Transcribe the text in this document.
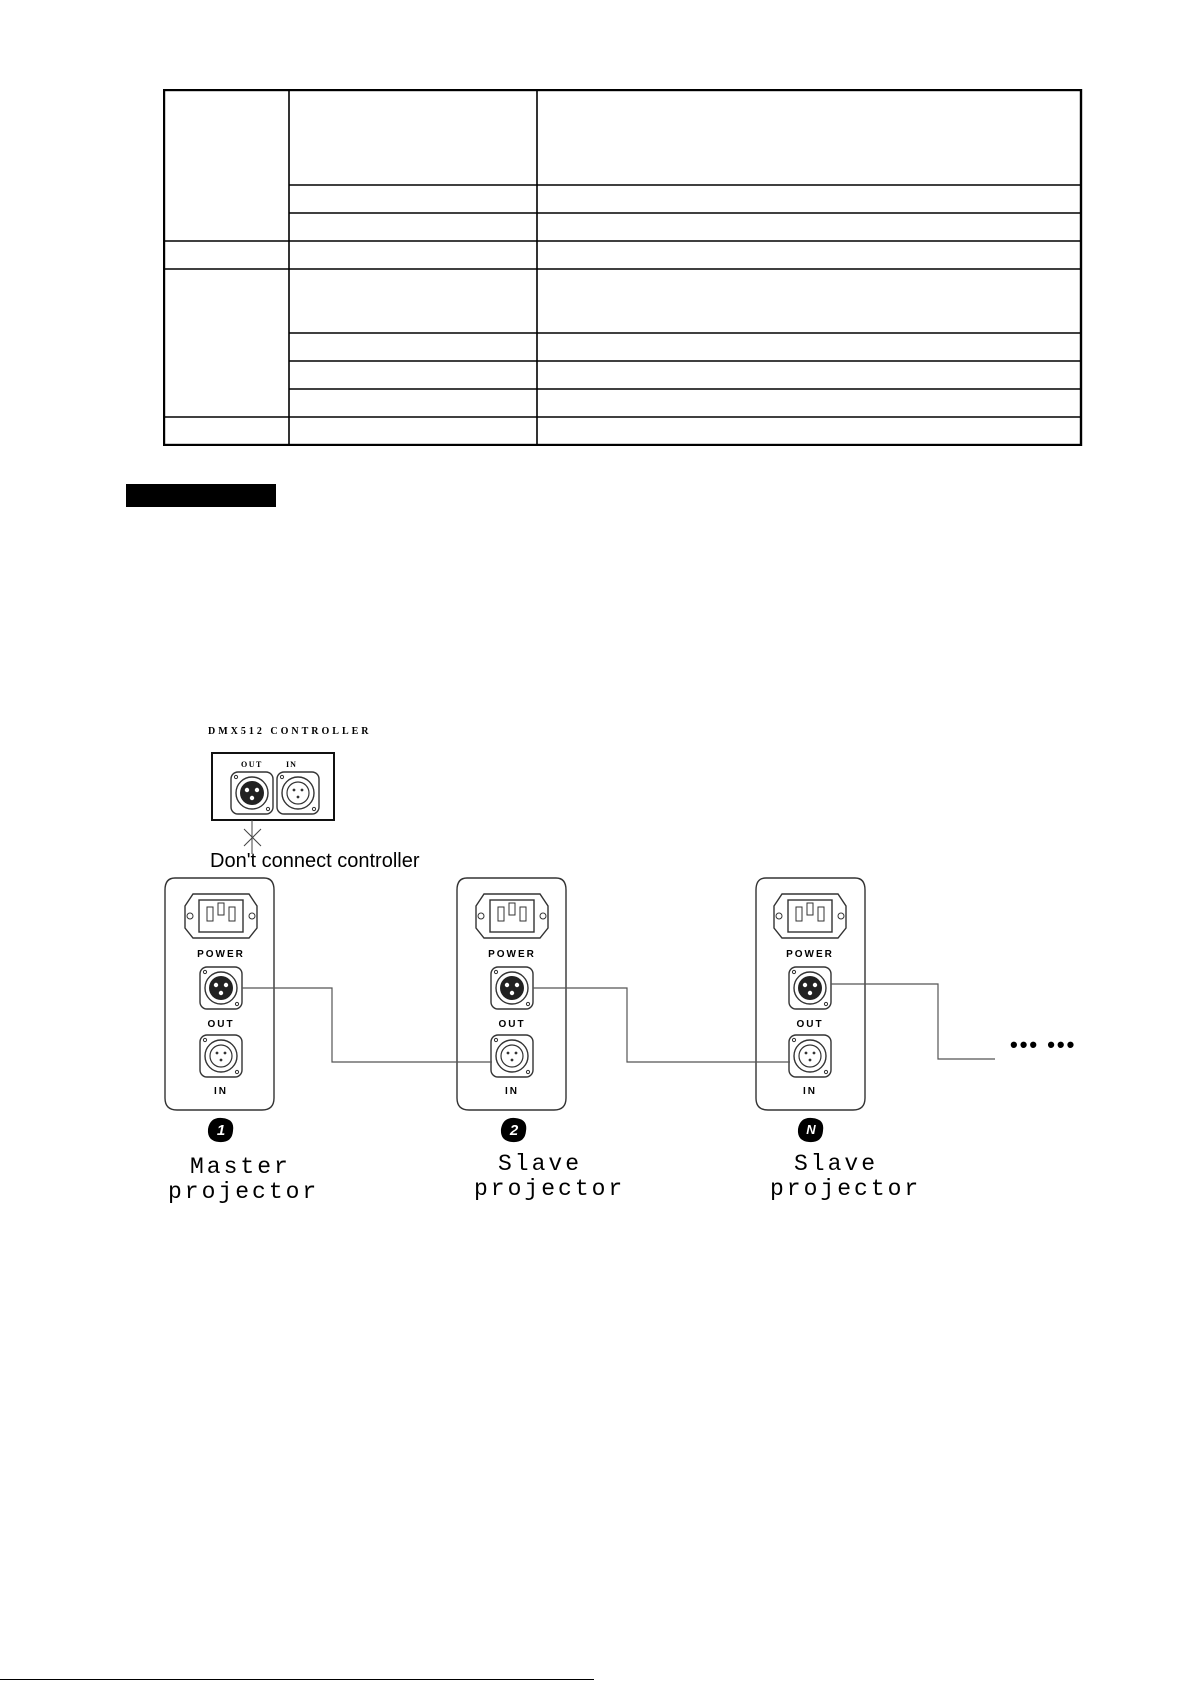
DMX512 CONTROLLER
OUT	IN
Don't connect controller
POWER
OUT
IN
POWER
OUT
IN
POWER
OUT
IN
1	2	N
Master
projector
Slave
projector
Slave
projector
••• •••
